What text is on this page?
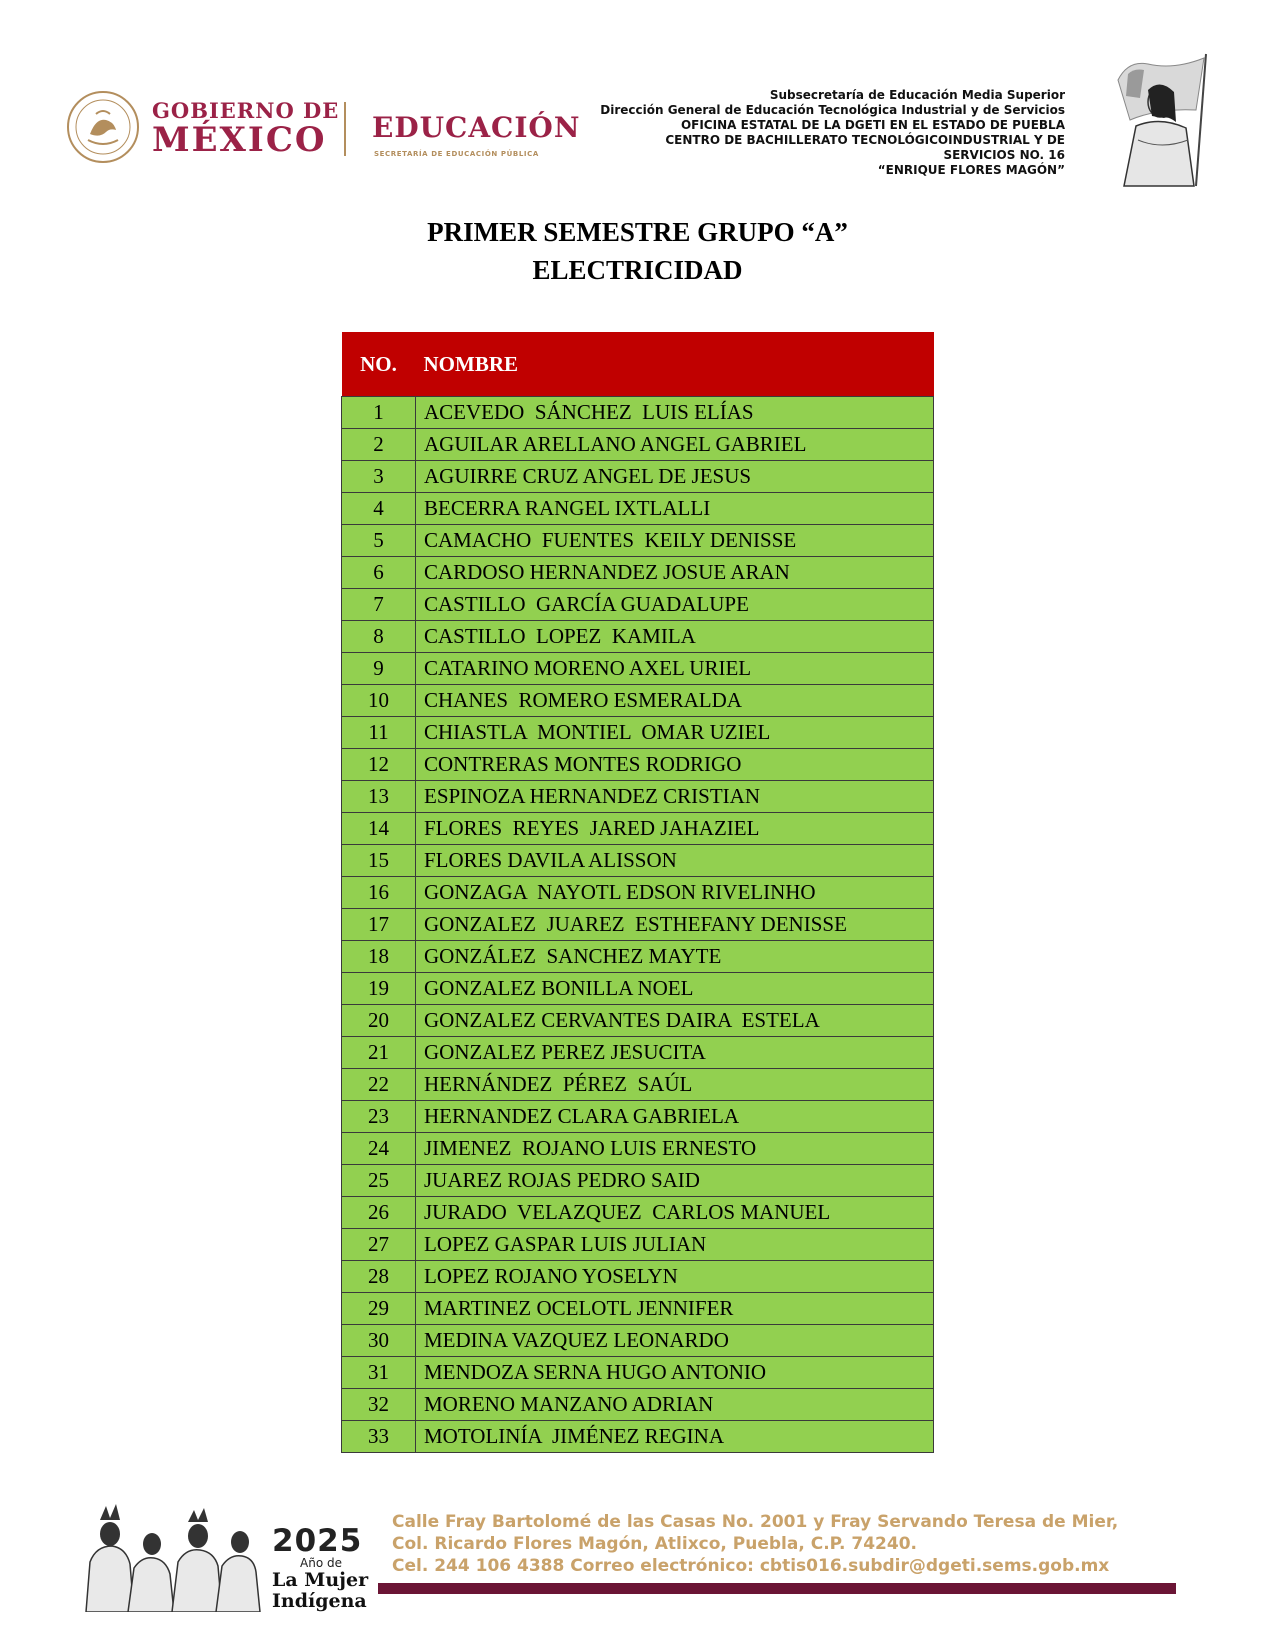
GOBIERNO DE
MÉXICO	EDUCACIÓN
SECRETARÍA DE EDUCACIÓN PÚBLICA
Subsecretaría de Educación Media Superior
Dirección General de Educación Tecnológica Industrial y de Servicios
OFICINA ESTATAL DE LA DGETI EN EL ESTADO DE PUEBLA
CENTRO DE BACHILLERATO TECNOLÓGICOINDUSTRIAL Y DE
SERVICIOS NO. 16
“ENRIQUE FLORES MAGÓN”
PRIMER SEMESTRE GRUPO “A”
ELECTRICIDAD
NO.	NOMBRE
1	ACEVEDO  SÁNCHEZ  LUIS ELÍAS
2	AGUILAR ARELLANO ANGEL GABRIEL
3	AGUIRRE CRUZ ANGEL DE JESUS
4	BECERRA RANGEL IXTLALLI
5	CAMACHO  FUENTES  KEILY DENISSE
6	CARDOSO HERNANDEZ JOSUE ARAN
7	CASTILLO  GARCÍA GUADALUPE
8	CASTILLO  LOPEZ  KAMILA
9	CATARINO MORENO AXEL URIEL
10	CHANES  ROMERO ESMERALDA
11	CHIASTLA  MONTIEL  OMAR UZIEL
12	CONTRERAS MONTES RODRIGO
13	ESPINOZA HERNANDEZ CRISTIAN
14	FLORES  REYES  JARED JAHAZIEL
15	FLORES DAVILA ALISSON
16	GONZAGA  NAYOTL EDSON RIVELINHO
17	GONZALEZ  JUAREZ  ESTHEFANY DENISSE
18	GONZÁLEZ  SANCHEZ MAYTE
19	GONZALEZ BONILLA NOEL
20	GONZALEZ CERVANTES DAIRA  ESTELA
21	GONZALEZ PEREZ JESUCITA
22	HERNÁNDEZ  PÉREZ  SAÚL
23	HERNANDEZ CLARA GABRIELA
24	JIMENEZ  ROJANO LUIS ERNESTO
25	JUAREZ ROJAS PEDRO SAID
26	JURADO  VELAZQUEZ  CARLOS MANUEL
27	LOPEZ GASPAR LUIS JULIAN
28	LOPEZ ROJANO YOSELYN
29	MARTINEZ OCELOTL JENNIFER
30	MEDINA VAZQUEZ LEONARDO
31	MENDOZA SERNA HUGO ANTONIO
32	MORENO MANZANO ADRIAN
33	MOTOLINÍA  JIMÉNEZ REGINA
2025
Año de
La Mujer
Indígena
Calle Fray Bartolomé de las Casas No. 2001 y Fray Servando Teresa de Mier,
Col. Ricardo Flores Magón, Atlixco, Puebla, C.P. 74240.
Cel. 244 106 4388 Correo electrónico: cbtis016.subdir@dgeti.sems.gob.mx
